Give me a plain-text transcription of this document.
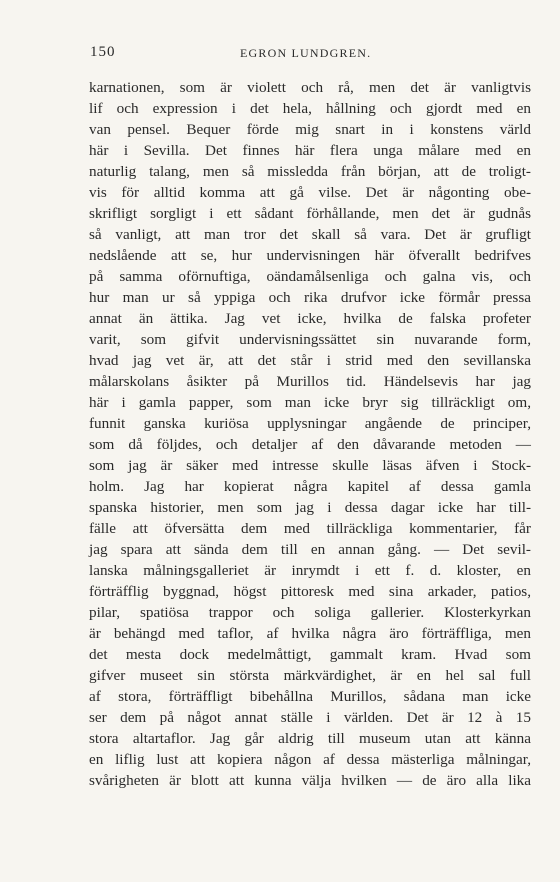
150	EGRON LUNDGREN.
karnationen, som är violett och rå, men det är vanligtvis
lif och expression i det hela, hållning och gjordt med en
van pensel. Bequer förde mig snart in i konstens värld
här i Sevilla. Det finnes här flera unga målare med en
naturlig talang, men så missledda från början, att de troligt-
vis för alltid komma att gå vilse. Det är någonting obe-
skrifligt sorgligt i ett sådant förhållande, men det är gudnås
så vanligt, att man tror det skall så vara. Det är grufligt
nedslående att se, hur undervisningen här öfverallt bedrifves
på samma oförnuftiga, oändamålsenliga och galna vis, och
hur man ur så yppiga och rika drufvor icke förmår pressa
annat än ättika. Jag vet icke, hvilka de falska profeter
varit, som gifvit undervisningssättet sin nuvarande form,
hvad jag vet är, att det står i strid med den sevillanska
målarskolans åsikter på Murillos tid. Händelsevis har jag
här i gamla papper, som man icke bryr sig tillräckligt om,
funnit ganska kuriösa upplysningar angående de principer,
som då följdes, och detaljer af den dåvarande metoden —
som jag är säker med intresse skulle läsas äfven i Stock-
holm. Jag har kopierat några kapitel af dessa gamla
spanska historier, men som jag i dessa dagar icke har till-
fälle att öfversätta dem med tillräckliga kommentarier, får
jag spara att sända dem till en annan gång. — Det sevil-
lanska målningsgalleriet är inrymdt i ett f. d. kloster, en
förträfflig byggnad, högst pittoresk med sina arkader, patios,
pilar, spatiösa trappor och soliga gallerier. Klosterkyrkan
är behängd med taflor, af hvilka några äro förträffliga, men
det mesta dock medelmåttigt, gammalt kram. Hvad som
gifver museet sin största märkvärdighet, är en hel sal full
af stora, förträffligt bibehållna Murillos, sådana man icke
ser dem på något annat ställe i världen. Det är 12 à 15
stora altartaflor. Jag går aldrig till museum utan att känna
en liflig lust att kopiera någon af dessa mästerliga målningar,
svårigheten är blott att kunna välja hvilken — de äro alla lika
